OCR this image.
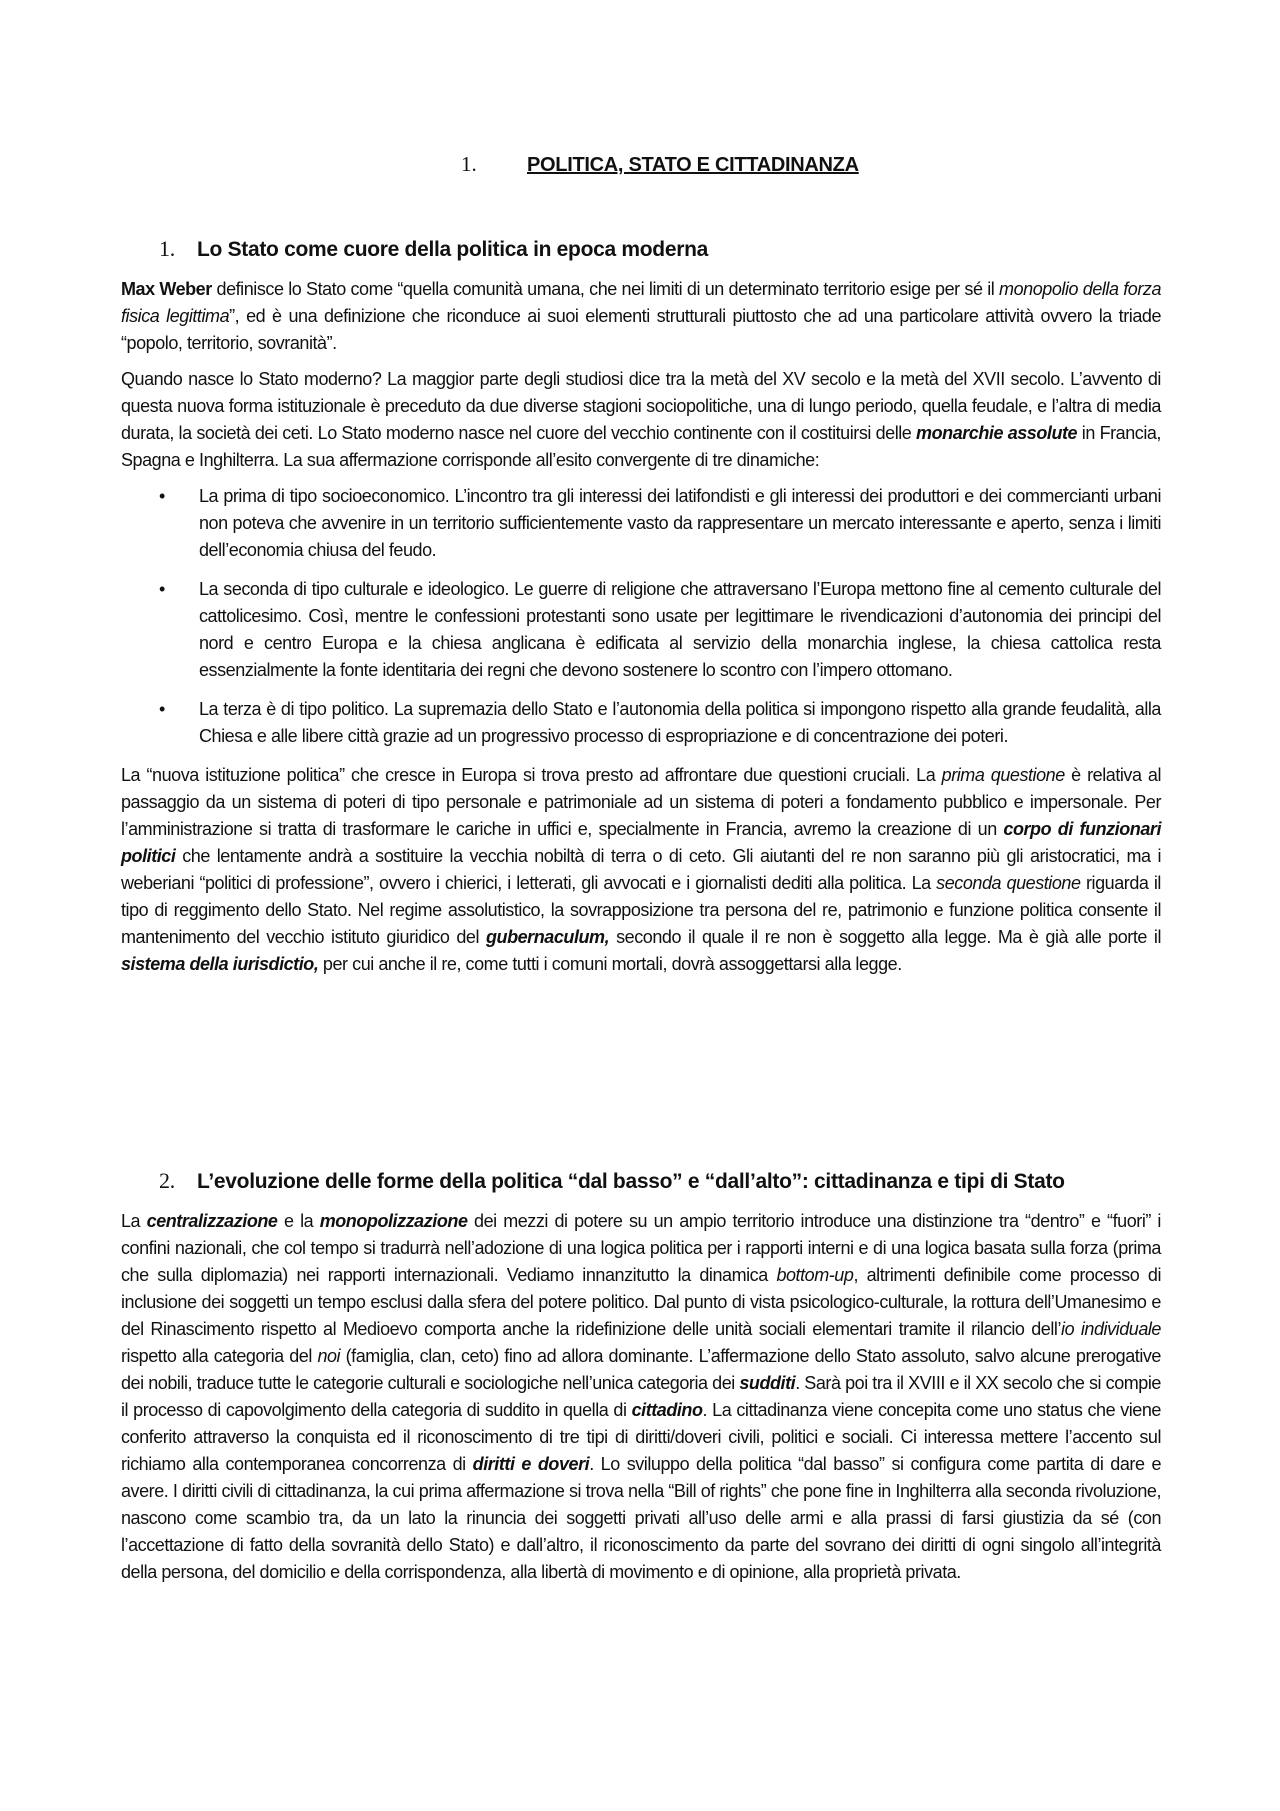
1.	POLITICA, STATO E CITTADINANZA
1. Lo Stato come cuore della politica in epoca moderna

Max Weber definisce lo Stato come “quella comunità umana, che nei limiti di un determinato territorio esige per sé il monopolio della forza fisica legittima”, ed è una definizione che riconduce ai suoi elementi strutturali piuttosto che ad una particolare attività ovvero la triade “popolo, territorio, sovranità”.

Quando nasce lo Stato moderno? La maggior parte degli studiosi dice tra la metà del XV secolo e la metà del XVII secolo. L’avvento di questa nuova forma istituzionale è preceduto da due diverse stagioni sociopolitiche, una di lungo periodo, quella feudale, e l’altra di media durata, la società dei ceti. Lo Stato moderno nasce nel cuore del vecchio continente con il costituirsi delle monarchie assolute in Francia, Spagna e Inghilterra. La sua affermazione corrisponde all’esito convergente di tre dinamiche:

• La prima di tipo socioeconomico. L’incontro tra gli interessi dei latifondisti e gli interessi dei produttori e dei commercianti urbani non poteva che avvenire in un territorio sufficientemente vasto da rappresentare un mercato interessante e aperto, senza i limiti dell’economia chiusa del feudo.
• La seconda di tipo culturale e ideologico. Le guerre di religione che attraversano l’Europa mettono fine al cemento culturale del cattolicesimo. Così, mentre le confessioni protestanti sono usate per legittimare le rivendicazioni d’autonomia dei principi del nord e centro Europa e la chiesa anglicana è edificata al servizio della monarchia inglese, la chiesa cattolica resta essenzialmente la fonte identitaria dei regni che devono sostenere lo scontro con l’impero ottomano.
• La terza è di tipo politico. La supremazia dello Stato e l’autonomia della politica si impongono rispetto alla grande feudalità, alla Chiesa e alle libere città grazie ad un progressivo processo di espropriazione e di concentrazione dei poteri.

La “nuova istituzione politica” che cresce in Europa si trova presto ad affrontare due questioni cruciali. La prima questione è relativa al passaggio da un sistema di poteri di tipo personale e patrimoniale ad un sistema di poteri a fondamento pubblico e impersonale. Per l’amministrazione si tratta di trasformare le cariche in uffici e, specialmente in Francia, avremo la creazione di un corpo di funzionari politici che lentamente andrà a sostituire la vecchia nobiltà di terra o di ceto. Gli aiutanti del re non saranno più gli aristocratici, ma i weberiani “politici di professione”, ovvero i chierici, i letterati, gli avvocati e i giornalisti dediti alla politica. La seconda questione riguarda il tipo di reggimento dello Stato. Nel regime assolutistico, la sovrapposizione tra persona del re, patrimonio e funzione politica consente il mantenimento del vecchio istituto giuridico del gubernaculum, secondo il quale il re non è soggetto alla legge. Ma è già alle porte il sistema della iurisdictio, per cui anche il re, come tutti i comuni mortali, dovrà assoggettarsi alla legge.

2. L’evoluzione delle forme della politica “dal basso” e “dall’alto”: cittadinanza e tipi di Stato

La centralizzazione e la monopolizzazione dei mezzi di potere su un ampio territorio introduce una distinzione tra “dentro” e “fuori” i confini nazionali, che col tempo si tradurrà nell’adozione di una logica politica per i rapporti interni e di una logica basata sulla forza (prima che sulla diplomazia) nei rapporti internazionali. Vediamo innanzitutto la dinamica bottom-up, altrimenti definibile come processo di inclusione dei soggetti un tempo esclusi dalla sfera del potere politico. Dal punto di vista psicologico-culturale, la rottura dell’Umanesimo e del Rinascimento rispetto al Medioevo comporta anche la ridefinizione delle unità sociali elementari tramite il rilancio dell’io individuale rispetto alla categoria del noi (famiglia, clan, ceto) fino ad allora dominante. L’affermazione dello Stato assoluto, salvo alcune prerogative dei nobili, traduce tutte le categorie culturali e sociologiche nell’unica categoria dei sudditi. Sarà poi tra il XVIII e il XX secolo che si compie il processo di capovolgimento della categoria di suddito in quella di cittadino. La cittadinanza viene concepita come uno status che viene conferito attraverso la conquista ed il riconoscimento di tre tipi di diritti/doveri civili, politici e sociali. Ci interessa mettere l’accento sul richiamo alla contemporanea concorrenza di diritti e doveri. Lo sviluppo della politica “dal basso” si configura come partita di dare e avere. I diritti civili di cittadinanza, la cui prima affermazione si trova nella “Bill of rights” che pone fine in Inghilterra alla seconda rivoluzione, nascono come scambio tra, da un lato la rinuncia dei soggetti privati all’uso delle armi e alla prassi di farsi giustizia da sé (con l’accettazione di fatto della sovranità dello Stato) e dall’altro, il riconoscimento da parte del sovrano dei diritti di ogni singolo all’integrità della persona, del domicilio e della corrispondenza, alla libertà di movimento e di opinione, alla proprietà privata.
